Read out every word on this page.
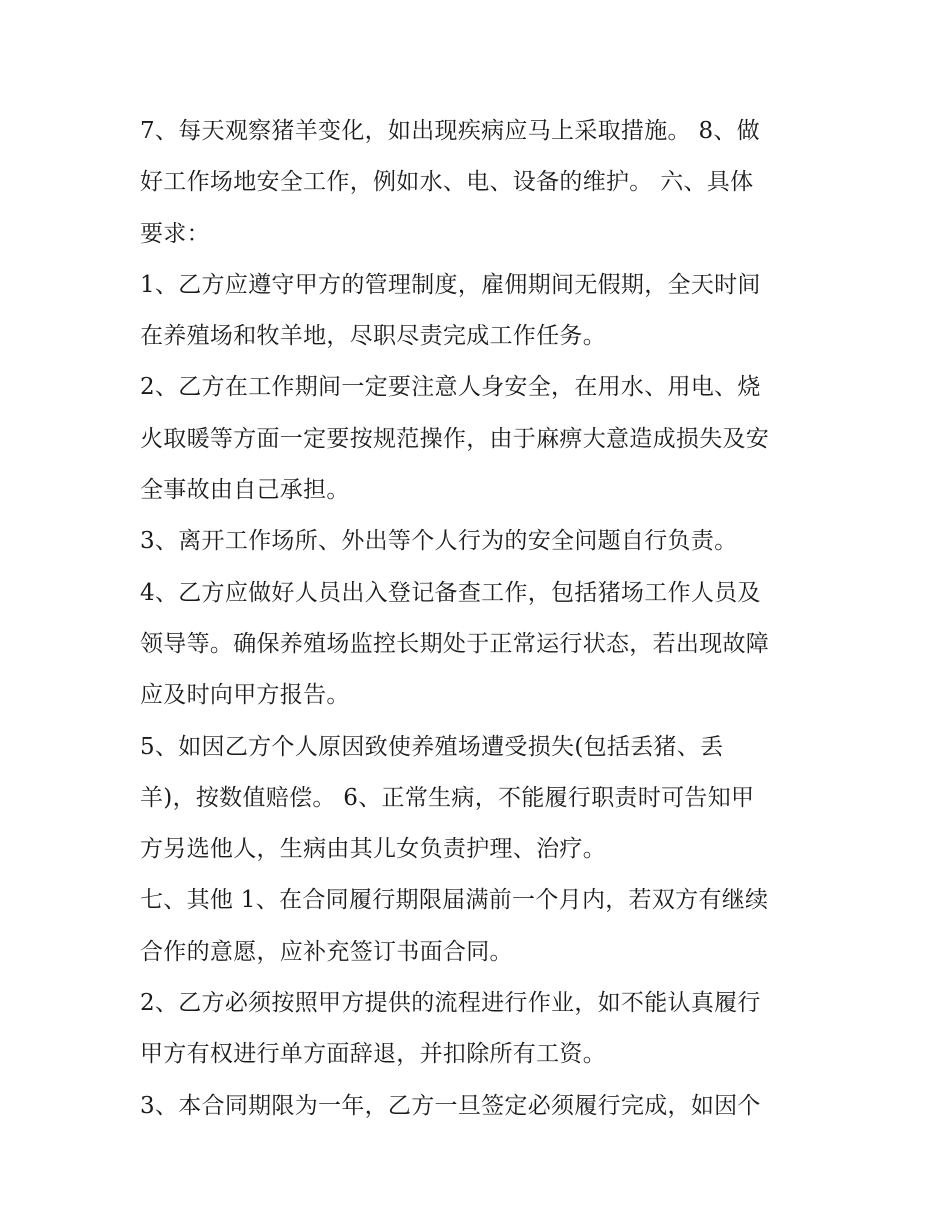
7、每天观察猪羊变化，如出现疾病应马上采取措施。 8、做
好工作场地安全工作，例如水、电、设备的维护。 六、具体
要求：
1、乙方应遵守甲方的管理制度，雇佣期间无假期，全天时间
在养殖场和牧羊地，尽职尽责完成工作任务。
2、乙方在工作期间一定要注意人身安全，在用水、用电、烧
火取暖等方面一定要按规范操作，由于麻痹大意造成损失及安
全事故由自己承担。
3、离开工作场所、外出等个人行为的安全问题自行负责。
4、乙方应做好人员出入登记备查工作，包括猪场工作人员及
领导等。确保养殖场监控长期处于正常运行状态，若出现故障
应及时向甲方报告。
5、如因乙方个人原因致使养殖场遭受损失(包括丢猪、丢
羊)，按数值赔偿。 6、正常生病，不能履行职责时可告知甲
方另选他人，生病由其儿女负责护理、治疗。
七、其他 1、在合同履行期限届满前一个月内，若双方有继续
合作的意愿，应补充签订书面合同。
2、乙方必须按照甲方提供的流程进行作业，如不能认真履行
甲方有权进行单方面辞退，并扣除所有工资。
3、本合同期限为一年，乙方一旦签定必须履行完成，如因个
